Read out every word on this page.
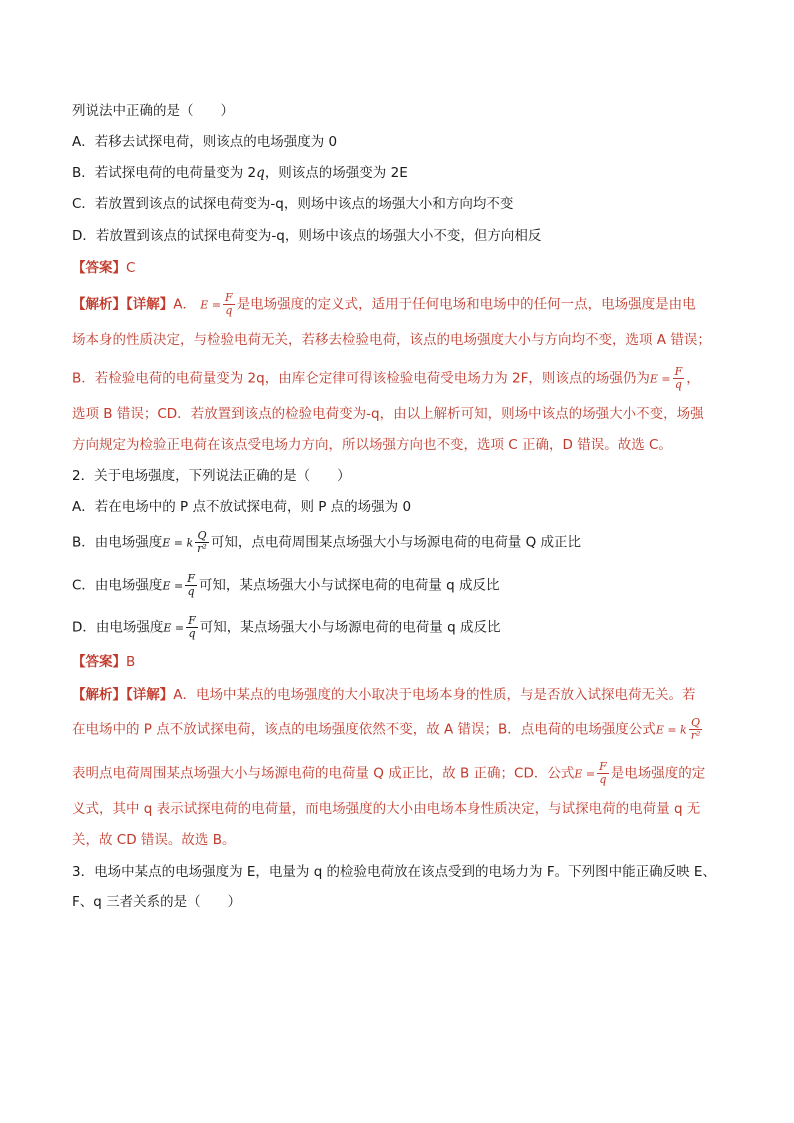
列说法中正确的是（　　）
A．若移去试探电荷，则该点的电场强度为 0
B．若试探电荷的电荷量变为 2q，则该点的场强变为 2E
C．若放置到该点的试探电荷变为-q，则场中该点的场强大小和方向均不变
D．若放置到该点的试探电荷变为-q，则场中该点的场强大小不变，但方向相反
【答案】C
【解析】【详解】A． $E = \frac{F}{q}$ 是电场强度的定义式，适用于任何电场和电场中的任何一点，电场强度是由电
场本身的性质决定，与检验电荷无关，若移去检验电荷，该点的电场强度大小与方向均不变，选项 A 错误；
B．若检验电荷的电荷量变为 2q，由库仑定律可得该检验电荷受电场力为 2F，则该点的场强仍为$E = \frac{F}{q}$ ，
选项 B 错误；CD．若放置到该点的检验电荷变为-q，由以上解析可知，则场中该点的场强大小不变，场强
方向规定为检验正电荷在该点受电场力方向，所以场强方向也不变，选项 C 正确，D 错误。故选 C。
2．关于电场强度，下列说法正确的是（　　）
A．若在电场中的 P 点不放试探电荷，则 P 点的场强为 0
B．由电场强度E = k $\frac{Q}{\text{r²}}$ 可知，点电荷周围某点场强大小与场源电荷的电荷量 Q 成正比
C．由电场强度$E = \frac{F}{q}$ 可知，某点场强大小与试探电荷的电荷量 q 成反比
D．由电场强度$E = \frac{F}{q}$ 可知，某点场强大小与场源电荷的电荷量 q 成反比
【答案】B
【解析】【详解】A．电场中某点的电场强度的大小取决于电场本身的性质，与是否放入试探电荷无关。若
在电场中的 P 点不放试探电荷，该点的电场强度依然不变，故 A 错误；B．点电荷的电场强度公式E = k $\frac{Q}{\text{r²}}$
表明点电荷周围某点场强大小与场源电荷的电荷量 Q 成正比，故 B 正确；CD．公式$E = \frac{F}{q}$ 是电场强度的定
义式，其中 q 表示试探电荷的电荷量，而电场强度的大小由电场本身性质决定，与试探电荷的电荷量 q 无
关，故 CD 错误。故选 B。
3．电场中某点的电场强度为 E，电量为 q 的检验电荷放在该点受到的电场力为 F。下列图中能正确反映 E、
F、q 三者关系的是（　　）
